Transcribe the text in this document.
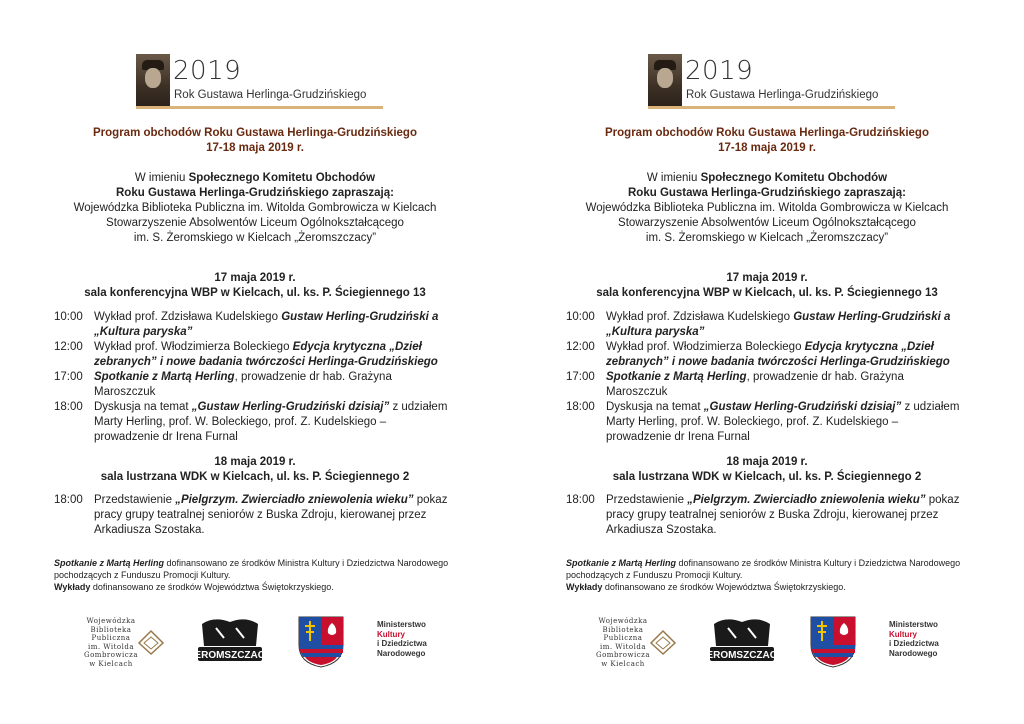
2019
Rok Gustawa Herlinga-Grudzińskiego
Program obchodów Roku Gustawa Herlinga-Grudzińskiego
17-18 maja 2019 r.
W imieniu Społecznego Komitetu Obchodów
Roku Gustawa Herlinga-Grudzińskiego zapraszają:
Wojewódzka Biblioteka Publiczna im. Witolda Gombrowicza w Kielcach
Stowarzyszenie Absolwentów Liceum Ogólnokształcącego
im. S. Żeromskiego w Kielcach „Żeromszczacy”
17 maja 2019 r.
sala konferencyjna WBP w Kielcach, ul. ks. P. Ściegiennego 13
10:00 Wykład prof. Zdzisława Kudelskiego Gustaw Herling-Grudziński a „Kultura paryska”
12:00 Wykład prof. Włodzimierza Boleckiego Edycja krytyczna „Dzieł zebranych” i nowe badania twórczości Herlinga-Grudzińskiego
17:00 Spotkanie z Martą Herling, prowadzenie dr hab. Grażyna Maroszczuk
18:00 Dyskusja na temat „Gustaw Herling-Grudziński dzisiaj” z udziałem Marty Herling, prof. W. Boleckiego, prof. Z. Kudelskiego – prowadzenie dr Irena Furnal
18 maja 2019 r.
sala lustrzana WDK w Kielcach, ul. ks. P. Ściegiennego 2
18:00 Przedstawienie „Pielgrzym. Zwierciadło zniewolenia wieku” pokaz pracy grupy teatralnej seniorów z Buska Zdroju, kierowanej przez Arkadiusza Szostaka.
Spotkanie z Martą Herling dofinansowano ze środków Ministra Kultury i Dziedzictwa Narodowego pochodzących z Funduszu Promocji Kultury.
Wykłady dofinansowano ze środków Województwa Świętokrzyskiego.
Wojewódzka
Biblioteka
Publiczna
im. Witolda
Gombrowicza
w Kielcach
ŻEROMSZCZACY
Ministerstwo
Kultury
i Dziedzictwa
Narodowego
2019
Rok Gustawa Herlinga-Grudzińskiego
Program obchodów Roku Gustawa Herlinga-Grudzińskiego
17-18 maja 2019 r.
W imieniu Społecznego Komitetu Obchodów
Roku Gustawa Herlinga-Grudzińskiego zapraszają:
Wojewódzka Biblioteka Publiczna im. Witolda Gombrowicza w Kielcach
Stowarzyszenie Absolwentów Liceum Ogólnokształcącego
im. S. Żeromskiego w Kielcach „Żeromszczacy”
17 maja 2019 r.
sala konferencyjna WBP w Kielcach, ul. ks. P. Ściegiennego 13
10:00 Wykład prof. Zdzisława Kudelskiego Gustaw Herling-Grudziński a „Kultura paryska”
12:00 Wykład prof. Włodzimierza Boleckiego Edycja krytyczna „Dzieł zebranych” i nowe badania twórczości Herlinga-Grudzińskiego
17:00 Spotkanie z Martą Herling, prowadzenie dr hab. Grażyna Maroszczuk
18:00 Dyskusja na temat „Gustaw Herling-Grudziński dzisiaj” z udziałem Marty Herling, prof. W. Boleckiego, prof. Z. Kudelskiego – prowadzenie dr Irena Furnal
18 maja 2019 r.
sala lustrzana WDK w Kielcach, ul. ks. P. Ściegiennego 2
18:00 Przedstawienie „Pielgrzym. Zwierciadło zniewolenia wieku” pokaz pracy grupy teatralnej seniorów z Buska Zdroju, kierowanej przez Arkadiusza Szostaka.
Spotkanie z Martą Herling dofinansowano ze środków Ministra Kultury i Dziedzictwa Narodowego pochodzących z Funduszu Promocji Kultury.
Wykłady dofinansowano ze środków Województwa Świętokrzyskiego.
Wojewódzka
Biblioteka
Publiczna
im. Witolda
Gombrowicza
w Kielcach
ŻEROMSZCZACY
Ministerstwo
Kultury
i Dziedzictwa
Narodowego
